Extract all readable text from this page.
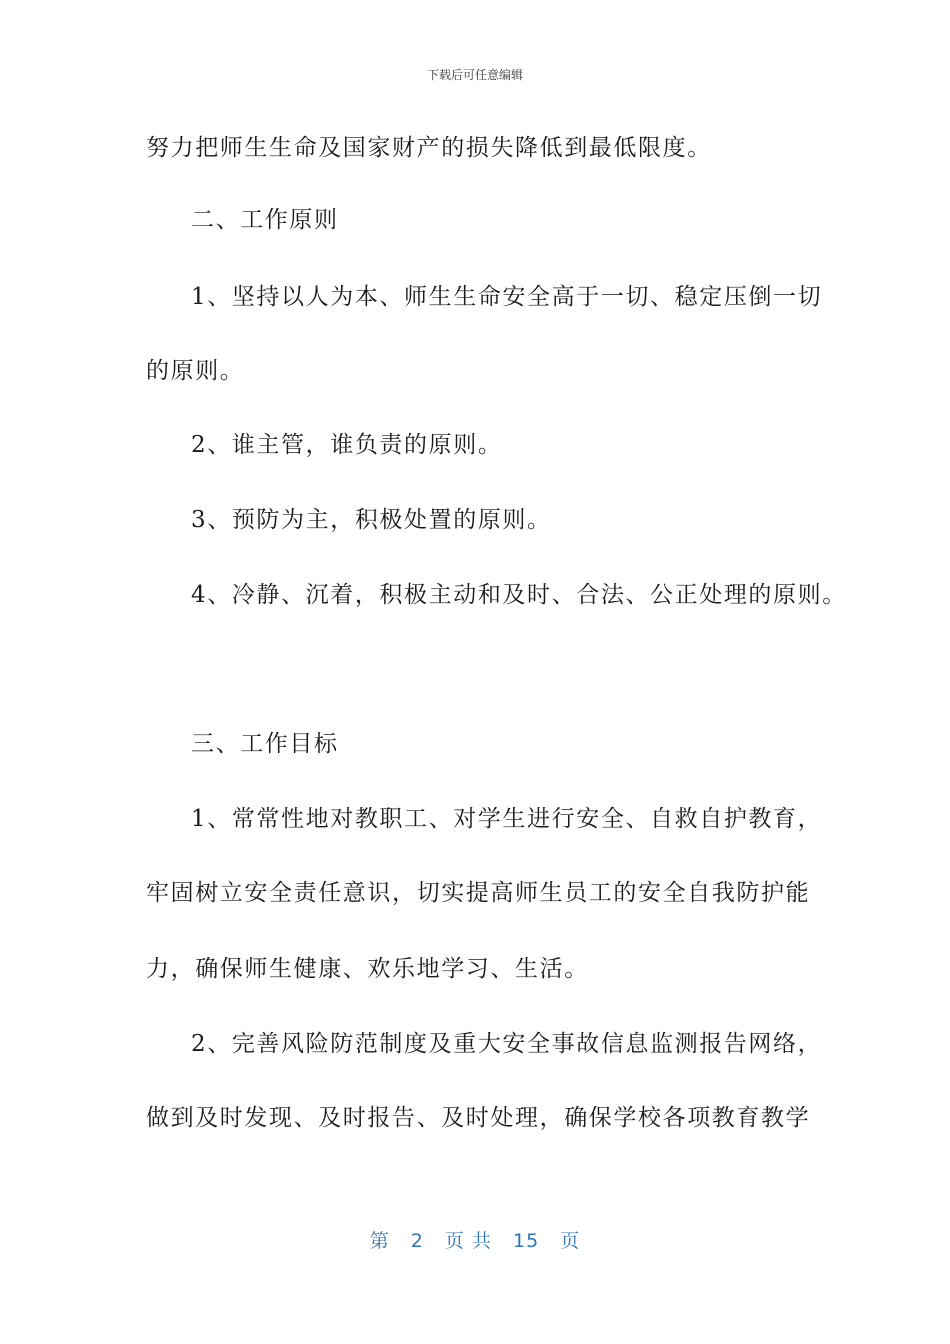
下载后可任意编辑
努力把师生生命及国家财产的损失降低到最低限度。
二、工作原则
1、坚持以人为本、师生生命安全高于一切、稳定压倒一切
的原则。
2、谁主管，谁负责的原则。
3、预防为主，积极处置的原则。
4、冷静、沉着，积极主动和及时、合法、公正处理的原则。
三、工作目标
1、常常性地对教职工、对学生进行安全、自救自护教育，
牢固树立安全责任意识，切实提高师生员工的安全自我防护能
力，确保师生健康、欢乐地学习、生活。
2、完善风险防范制度及重大安全事故信息监测报告网络，
做到及时发现、及时报告、及时处理，确保学校各项教育教学
第 2 页 共 15 页
